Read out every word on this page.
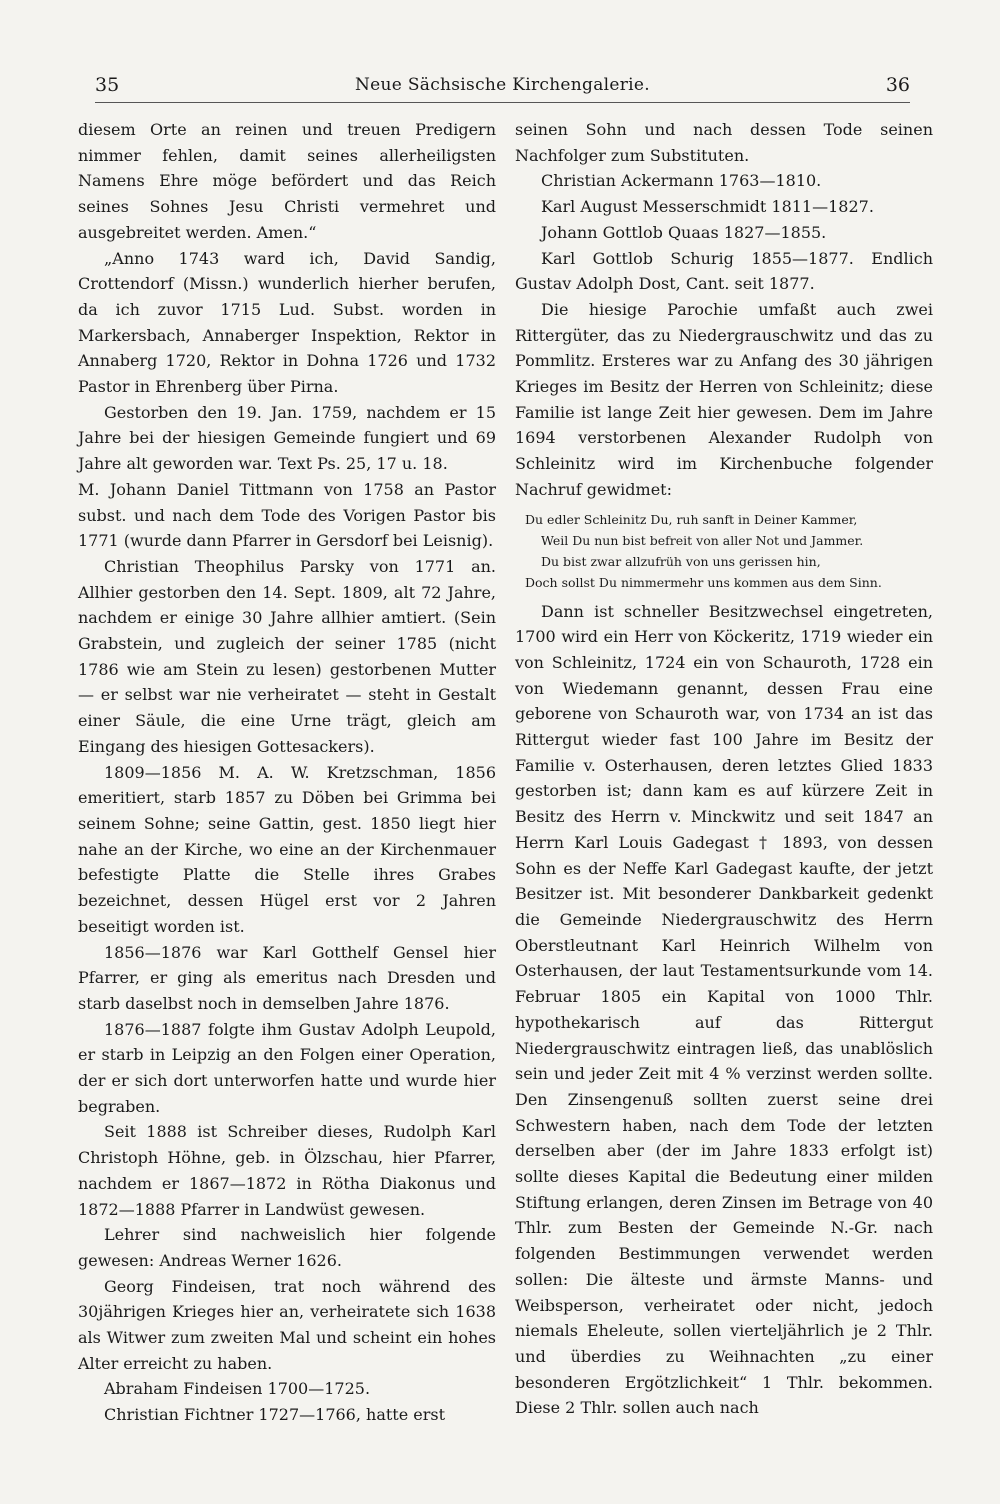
35	Neue Sächsische Kirchengalerie.	36

diesem Orte an reinen und treuen Predigern nimmer fehlen, damit seines allerheiligsten Namens Ehre möge befördert und das Reich seines Sohnes Jesu Christi vermehret und ausgebreitet werden. Amen.“

„Anno 1743 ward ich, David Sandig, Crottendorf (Missn.) wunderlich hierher berufen, da ich zuvor 1715 Lud. Subst. worden in Markersbach, Annaberger Inspektion, Rektor in Annaberg 1720, Rektor in Dohna 1726 und 1732 Pastor in Ehrenberg über Pirna.

Gestorben den 19. Jan. 1759, nachdem er 15 Jahre bei der hiesigen Gemeinde fungiert und 69 Jahre alt geworden war. Text Ps. 25, 17 u. 18.

M. Johann Daniel Tittmann von 1758 an Pastor subst. und nach dem Tode des Vorigen Pastor bis 1771 (wurde dann Pfarrer in Gersdorf bei Leisnig).

Christian Theophilus Parsky von 1771 an. Allhier gestorben den 14. Sept. 1809, alt 72 Jahre, nachdem er einige 30 Jahre allhier amtiert. (Sein Grabstein, und zugleich der seiner 1785 (nicht 1786 wie am Stein zu lesen) gestorbenen Mutter — er selbst war nie verheiratet — steht in Gestalt einer Säule, die eine Urne trägt, gleich am Eingang des hiesigen Gottesackers).

1809—1856 M. A. W. Kretzschman, 1856 emeritiert, starb 1857 zu Döben bei Grimma bei seinem Sohne; seine Gattin, gest. 1850 liegt hier nahe an der Kirche, wo eine an der Kirchenmauer befestigte Platte die Stelle ihres Grabes bezeichnet, dessen Hügel erst vor 2 Jahren beseitigt worden ist.

1856—1876 war Karl Gotthelf Gensel hier Pfarrer, er ging als emeritus nach Dresden und starb daselbst noch in demselben Jahre 1876.

1876—1887 folgte ihm Gustav Adolph Leupold, er starb in Leipzig an den Folgen einer Operation, der er sich dort unterworfen hatte und wurde hier begraben.

Seit 1888 ist Schreiber dieses, Rudolph Karl Christoph Höhne, geb. in Ölzschau, hier Pfarrer, nachdem er 1867—1872 in Rötha Diakonus und 1872—1888 Pfarrer in Landwüst gewesen.

Lehrer sind nachweislich hier folgende gewesen: Andreas Werner 1626.

Georg Findeisen, trat noch während des 30jährigen Krieges hier an, verheiratete sich 1638 als Witwer zum zweiten Mal und scheint ein hohes Alter erreicht zu haben.

Abraham Findeisen 1700—1725.

Christian Fichtner 1727—1766, hatte erst

seinen Sohn und nach dessen Tode seinen Nachfolger zum Substituten.

Christian Ackermann 1763—1810.

Karl August Messerschmidt 1811—1827.

Johann Gottlob Quaas 1827—1855.

Karl Gottlob Schurig 1855—1877. Endlich Gustav Adolph Dost, Cant. seit 1877.

Die hiesige Parochie umfaßt auch zwei Rittergüter, das zu Niedergrauschwitz und das zu Pommlitz. Ersteres war zu Anfang des 30 jährigen Krieges im Besitz der Herren von Schleinitz; diese Familie ist lange Zeit hier gewesen. Dem im Jahre 1694 verstorbenen Alexander Rudolph von Schleinitz wird im Kirchenbuche folgender Nachruf gewidmet:

Du edler Schleinitz Du, ruh sanft in Deiner Kammer,
Weil Du nun bist befreit von aller Not und Jammer.
Du bist zwar allzufrüh von uns gerissen hin,
Doch sollst Du nimmermehr uns kommen aus dem Sinn.

Dann ist schneller Besitzwechsel eingetreten, 1700 wird ein Herr von Köckeritz, 1719 wieder ein von Schleinitz, 1724 ein von Schauroth, 1728 ein von Wiedemann genannt, dessen Frau eine geborene von Schauroth war, von 1734 an ist das Rittergut wieder fast 100 Jahre im Besitz der Familie v. Osterhausen, deren letztes Glied 1833 gestorben ist; dann kam es auf kürzere Zeit in Besitz des Herrn v. Minckwitz und seit 1847 an Herrn Karl Louis Gadegast † 1893, von dessen Sohn es der Neffe Karl Gadegast kaufte, der jetzt Besitzer ist. Mit besonderer Dankbarkeit gedenkt die Gemeinde Niedergrauschwitz des Herrn Oberstleutnant Karl Heinrich Wilhelm von Osterhausen, der laut Testamentsurkunde vom 14. Februar 1805 ein Kapital von 1000 Thlr. hypothekarisch auf das Rittergut Niedergrauschwitz eintragen ließ, das unablöslich sein und jeder Zeit mit 4 % verzinst werden sollte. Den Zinsengenuß sollten zuerst seine drei Schwestern haben, nach dem Tode der letzten derselben aber (der im Jahre 1833 erfolgt ist) sollte dieses Kapital die Bedeutung einer milden Stiftung erlangen, deren Zinsen im Betrage von 40 Thlr. zum Besten der Gemeinde N.-Gr. nach folgenden Bestimmungen verwendet werden sollen: Die älteste und ärmste Manns- und Weibsperson, verheiratet oder nicht, jedoch niemals Eheleute, sollen vierteljährlich je 2 Thlr. und überdies zu Weihnachten „zu einer besonderen Ergötzlichkeit“ 1 Thlr. bekommen. Diese 2 Thlr. sollen auch nach
